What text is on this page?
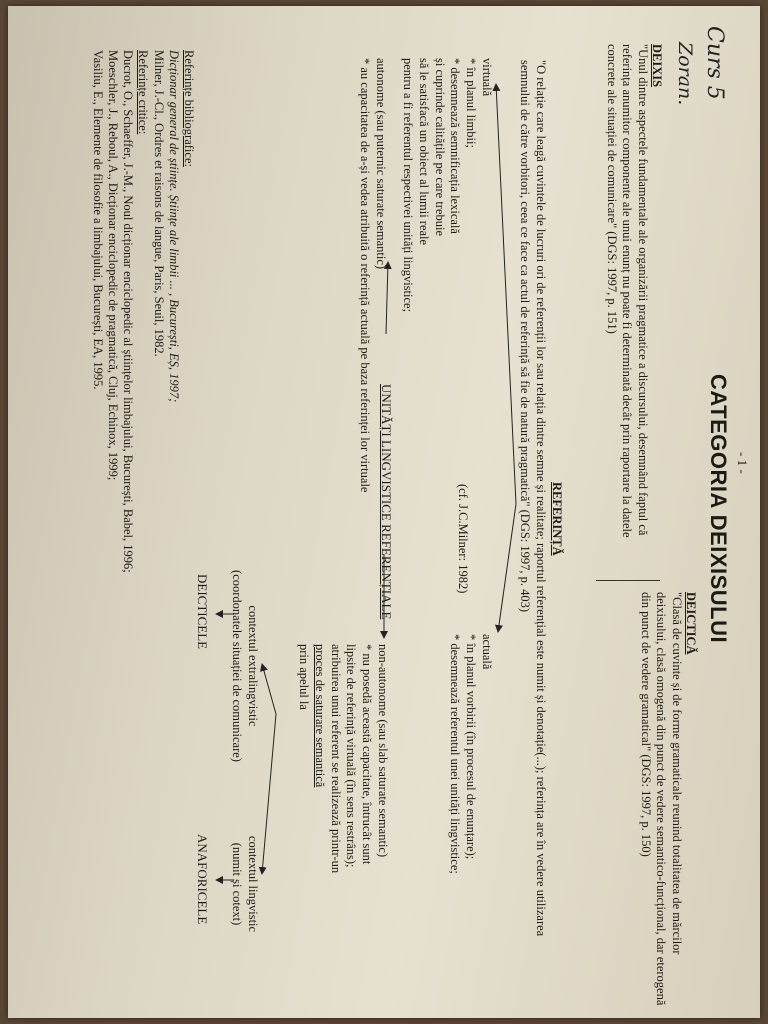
Curs 5
Zoran.
- 1 -
CATEGORIA DEIXISULUI
DEIXIS
"Unul dintre aspectele fundamentale ale organizării pragmatice a discursului, desemnând faptul că referința anumitor componente ale unui enunț nu poate fi determinată decât prin raportare la datele concrete ale situației de comunicare" (DGS: 1997, p. 151)
DEICTICĂ
"Clasă de cuvinte și de forme gramaticale reunind totalitatea de mărcilor deixisului, clasă omogenă din punct de vedere semantico-funcțional, dar eterogenă din punct de vedere gramatical" (DGS: 1997, p. 150)
REFERINȚĂ
"O relație care leagă cuvintele de lucruri ori de referenții lor sau relația dintre semne și realitate; raportul referențial este numit și denotație(...); referința are în vedere utilizarea semnului de către vorbitori, ceea ce face ca actul de referință să fie de natură pragmatică" (DGS: 1997, p. 403)
virtuală
* în planul limbii;
* desemnează semnificația lexicală
și cuprinde calitățile pe care trebuie
să le satisfacă un obiect al lumii reale
pentru a fi referentul respectivei unități lingvistice;
actuală
* în planul vorbirii (în procesul de enunțare);
* desemnează referentul unei unități lingvistice;
(cf. J.C.Milner: 1982)
UNITĂȚI LINGVISTICE REFERENȚIALE
autonome (sau puternic saturate semantic)
* au capacitatea de a-și vedea atribuită o referință actuală pe baza referinței lor virtuale
non-autonome (sau slab saturate semantic)
* nu posedă această capacitate, întrucât sunt
lipsite de referință virtuală (în sens restrâns);
atribuirea unui referent se realizează printr-un
proces de saturare semantică
prin apelul la
contextul extralingvistic
(coordonatele situației de comunicare)
contextul lingvistic
(numit și cotext)
DEICTICELE
ANAFORICELE
Referințe bibliografice:
Dicționar general de științe. Științe ale limbii ... , București, EȘ, 1997;
Milner, J.-Cl., Ordres et raisons de langue, Paris, Seuil, 1982.
Referințe critice:
Ducrot, O., Schaeffer, J.-M., Noul dicționar enciclopedic al științelor limbajului, București, Babel, 1996;
Moeschler, J., Reboul, A., Dicționar enciclopedic de pragmatică, Cluj, Echinox, 1999;
Vasiliu, E., Elemente de filosofie a limbajului, București, EA, 1995.
